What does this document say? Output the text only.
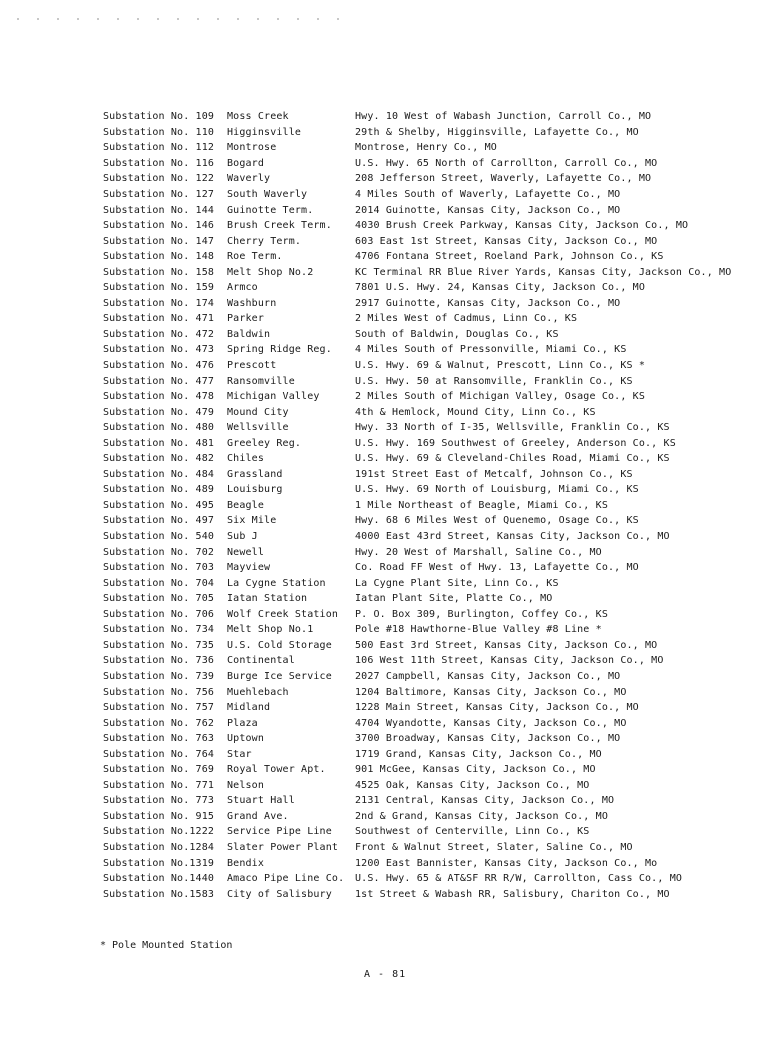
Substation No. 109	Moss Creek	Hwy. 10 West of Wabash Junction, Carroll Co., MO
Substation No. 110	Higginsville	29th & Shelby, Higginsville, Lafayette Co., MO
Substation No. 112	Montrose	Montrose, Henry Co., MO
Substation No. 116	Bogard	U.S. Hwy. 65 North of Carrollton, Carroll Co., MO
Substation No. 122	Waverly	208 Jefferson Street, Waverly, Lafayette Co., MO
Substation No. 127	South Waverly	4 Miles South of Waverly, Lafayette Co., MO
Substation No. 144	Guinotte Term.	2014 Guinotte, Kansas City, Jackson Co., MO
Substation No. 146	Brush Creek Term.	4030 Brush Creek Parkway, Kansas City, Jackson Co., MO
Substation No. 147	Cherry Term.	603 East 1st Street, Kansas City, Jackson Co., MO
Substation No. 148	Roe Term.	4706 Fontana Street, Roeland Park, Johnson Co., KS
Substation No. 158	Melt Shop No.2	KC Terminal RR Blue River Yards, Kansas City, Jackson Co., MO
Substation No. 159	Armco	7801 U.S. Hwy. 24, Kansas City, Jackson Co., MO
Substation No. 174	Washburn	2917 Guinotte, Kansas City, Jackson Co., MO
Substation No. 471	Parker	2 Miles West of Cadmus, Linn Co., KS
Substation No. 472	Baldwin	South of Baldwin, Douglas Co., KS
Substation No. 473	Spring Ridge Reg.	4 Miles South of Pressonville, Miami Co., KS
Substation No. 476	Prescott	U.S. Hwy. 69 & Walnut, Prescott, Linn Co., KS *
Substation No. 477	Ransomville	U.S. Hwy. 50 at Ransomville, Franklin Co., KS
Substation No. 478	Michigan Valley	2 Miles South of Michigan Valley, Osage Co., KS
Substation No. 479	Mound City	4th & Hemlock, Mound City, Linn Co., KS
Substation No. 480	Wellsville	Hwy. 33 North of I-35, Wellsville, Franklin Co., KS
Substation No. 481	Greeley Reg.	U.S. Hwy. 169 Southwest of Greeley, Anderson Co., KS
Substation No. 482	Chiles	U.S. Hwy. 69 & Cleveland-Chiles Road, Miami Co., KS
Substation No. 484	Grassland	191st Street East of Metcalf, Johnson Co., KS
Substation No. 489	Louisburg	U.S. Hwy. 69 North of Louisburg, Miami Co., KS
Substation No. 495	Beagle	1 Mile Northeast of Beagle, Miami Co., KS
Substation No. 497	Six Mile	Hwy. 68 6 Miles West of Quenemo, Osage Co., KS
Substation No. 540	Sub J	4000 East 43rd Street, Kansas City, Jackson Co., MO
Substation No. 702	Newell	Hwy. 20 West of Marshall, Saline Co., MO
Substation No. 703	Mayview	Co. Road FF West of Hwy. 13, Lafayette Co., MO
Substation No. 704	La Cygne Station	La Cygne Plant Site, Linn Co., KS
Substation No. 705	Iatan Station	Iatan Plant Site, Platte Co., MO
Substation No. 706	Wolf Creek Station	P. O. Box 309, Burlington, Coffey Co., KS
Substation No. 734	Melt Shop No.1	Pole #18 Hawthorne-Blue Valley #8 Line *
Substation No. 735	U.S. Cold Storage	500 East 3rd Street, Kansas City, Jackson Co., MO
Substation No. 736	Continental	106 West 11th Street, Kansas City, Jackson Co., MO
Substation No. 739	Burge Ice Service	2027 Campbell, Kansas City, Jackson Co., MO
Substation No. 756	Muehlebach	1204 Baltimore, Kansas City, Jackson Co., MO
Substation No. 757	Midland	1228 Main Street, Kansas City, Jackson Co., MO
Substation No. 762	Plaza	4704 Wyandotte, Kansas City, Jackson Co., MO
Substation No. 763	Uptown	3700 Broadway, Kansas City, Jackson Co., MO
Substation No. 764	Star	1719 Grand, Kansas City, Jackson Co., MO
Substation No. 769	Royal Tower Apt.	901 McGee, Kansas City, Jackson Co., MO
Substation No. 771	Nelson	4525 Oak, Kansas City, Jackson Co., MO
Substation No. 773	Stuart Hall	2131 Central, Kansas City, Jackson Co., MO
Substation No. 915	Grand Ave.	2nd & Grand, Kansas City, Jackson Co., MO
Substation No.1222	Service Pipe Line	Southwest of Centerville, Linn Co., KS
Substation No.1284	Slater Power Plant	Front & Walnut Street, Slater, Saline Co., MO
Substation No.1319	Bendix	1200 East Bannister, Kansas City, Jackson Co., Mo
Substation No.1440	Amaco Pipe Line Co.	U.S. Hwy. 65 & AT&SF RR R/W, Carrollton, Cass Co., MO
Substation No.1583	City of Salisbury	1st Street & Wabash RR, Salisbury, Chariton Co., MO
* Pole Mounted Station
A - 81
